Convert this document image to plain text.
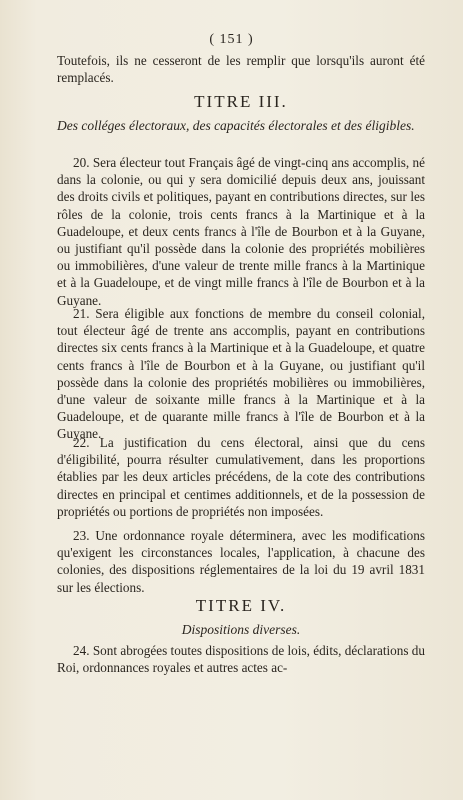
( 151 )

Toutefois, ils ne cesseront de les remplir que lorsqu'ils auront été remplacés.

TITRE III.

Des colléges électoraux, des capacités électorales et des éligibles.

20. Sera électeur tout Français âgé de vingt-cinq ans accomplis, né dans la colonie, ou qui y sera domicilié depuis deux ans, jouissant des droits civils et politiques, payant en contributions directes, sur les rôles de la colonie, trois cents francs à la Martinique et à la Guadeloupe, et deux cents francs à l'île de Bourbon et à la Guyane, ou justifiant qu'il possède dans la colonie des propriétés mobilières ou immobilières, d'une valeur de trente mille francs à la Martinique et à la Guadeloupe, et de vingt mille francs à l'île de Bourbon et à la Guyane.

21. Sera éligible aux fonctions de membre du conseil colonial, tout électeur âgé de trente ans accomplis, payant en contributions directes six cents francs à la Martinique et à la Guadeloupe, et quatre cents francs à l'île de Bourbon et à la Guyane, ou justifiant qu'il possède dans la colonie des propriétés mobilières ou immobilières, d'une valeur de soixante mille francs à la Martinique et à la Guadeloupe, et de quarante mille francs à l'île de Bourbon et à la Guyane.

22. La justification du cens électoral, ainsi que du cens d'éligibilité, pourra résulter cumulativement, dans les proportions établies par les deux articles précédens, de la cote des contributions directes en principal et centimes additionnels, et de la possession de propriétés ou portions de propriétés non imposées.

23. Une ordonnance royale déterminera, avec les modifications qu'exigent les circonstances locales, l'application, à chacune des colonies, des dispositions réglementaires de la loi du 19 avril 1831 sur les élections.

TITRE IV.

Dispositions diverses.

24. Sont abrogées toutes dispositions de lois, édits, déclarations du Roi, ordonnances royales et autres actes ac-
